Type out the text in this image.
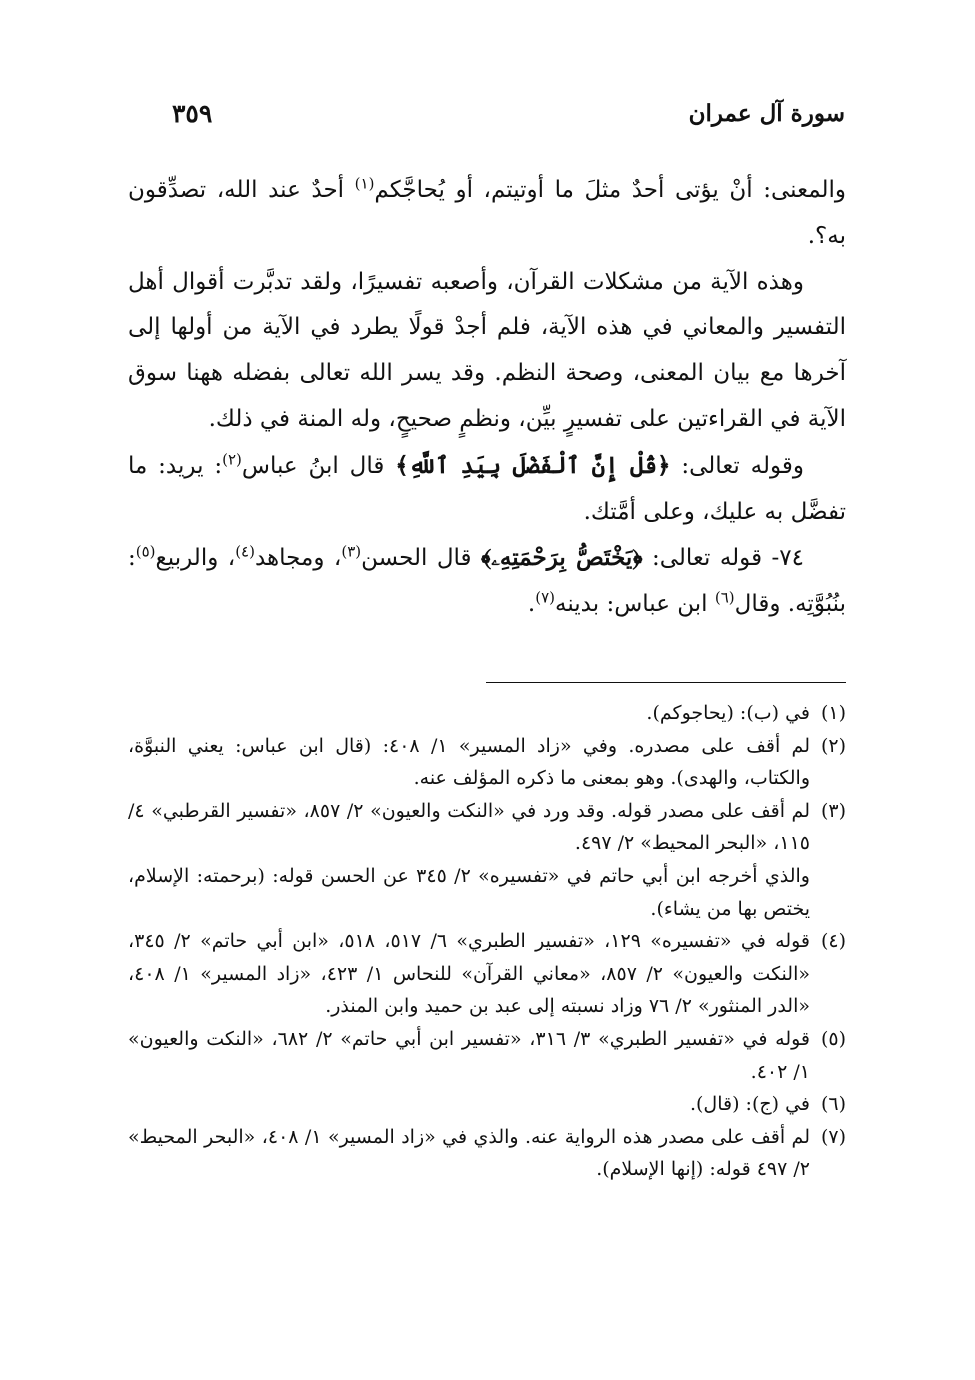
سورة آل عمران
٣٥٩

والمعنى: أنْ يؤتى أحدٌ مثلَ ما أوتيتم، أو يُحاجَّكم$^{(١)}$ أحدٌ عند الله، تصدِّقون به؟.

وهذه الآية من مشكلات القرآن، وأصعبه تفسيرًا، ولقد تدبَّرت أقوال أهل التفسير والمعاني في هذه الآية، فلم أجدْ قولًا يطرد في الآية من أولها إلى آخرها مع بيان المعنى، وصحة النظم. وقد يسر الله تعالى بفضله ههنا سوق الآية في القراءتين على تفسيرٍ بيِّن، ونظمٍ صحيحٍ، وله المنة في ذلك.

وقوله تعالى: ﴿قُلْ إِنَّ ٱلْفَضْلَ بِيَدِ ٱللَّهِ﴾ قال ابنُ عباس$^{(٢)}$: يريد: ما تفضَّل به عليك، وعلى أمَّتك.

٧٤- قوله تعالى: ﴿يَخْتَصُّ بِرَحْمَتِهِۦ﴾ قال الحسن$^{(٣)}$، ومجاهد$^{(٤)}$، والربيع$^{(٥)}$: بنُبُوَّتِه. وقال$^{(٦)}$ ابن عباس: بدينه$^{(٧)}$.

(١)
في (ب): (يحاجوكم).
(٢)
لم أقف على مصدره. وفي «زاد المسير» ١/ ٤٠٨: (قال ابن عباس: يعني النبوَّة، والكتاب، والهدى). وهو بمعنى ما ذكره المؤلف عنه.
(٣)
لم أقف على مصدر قوله. وقد ورد في «النكت والعيون» ٢/ ٨٥٧، «تفسير القرطبي» ٤/ ١١٥، «البحر المحيط» ٢/ ٤٩٧.
والذي أخرجه ابن أبي حاتم في «تفسيره» ٢/ ٣٤٥ عن الحسن قوله: (برحمته: الإسلام، يختص بها من يشاء).
(٤)
قوله في «تفسيره» ١٢٩، «تفسير الطبري» ٦/ ٥١٧، ٥١٨، «ابن أبي حاتم» ٢/ ٣٤٥، «النكت والعيون» ٢/ ٨٥٧، «معاني القرآن» للنحاس ١/ ٤٢٣، «زاد المسير» ١/ ٤٠٨، «الدر المنثور» ٢/ ٧٦ وزاد نسبته إلى عبد بن حميد وابن المنذر.
(٥)
قوله في «تفسير الطبري» ٣/ ٣١٦، «تفسير ابن أبي حاتم» ٢/ ٦٨٢، «النكت والعيون» ١/ ٤٠٢.
(٦)
في (ج): (قال).
(٧)
لم أقف على مصدر هذه الرواية عنه. والذي في «زاد المسير» ١/ ٤٠٨، «البحر المحيط» ٢/ ٤٩٧ قوله: (إنها الإسلام).
